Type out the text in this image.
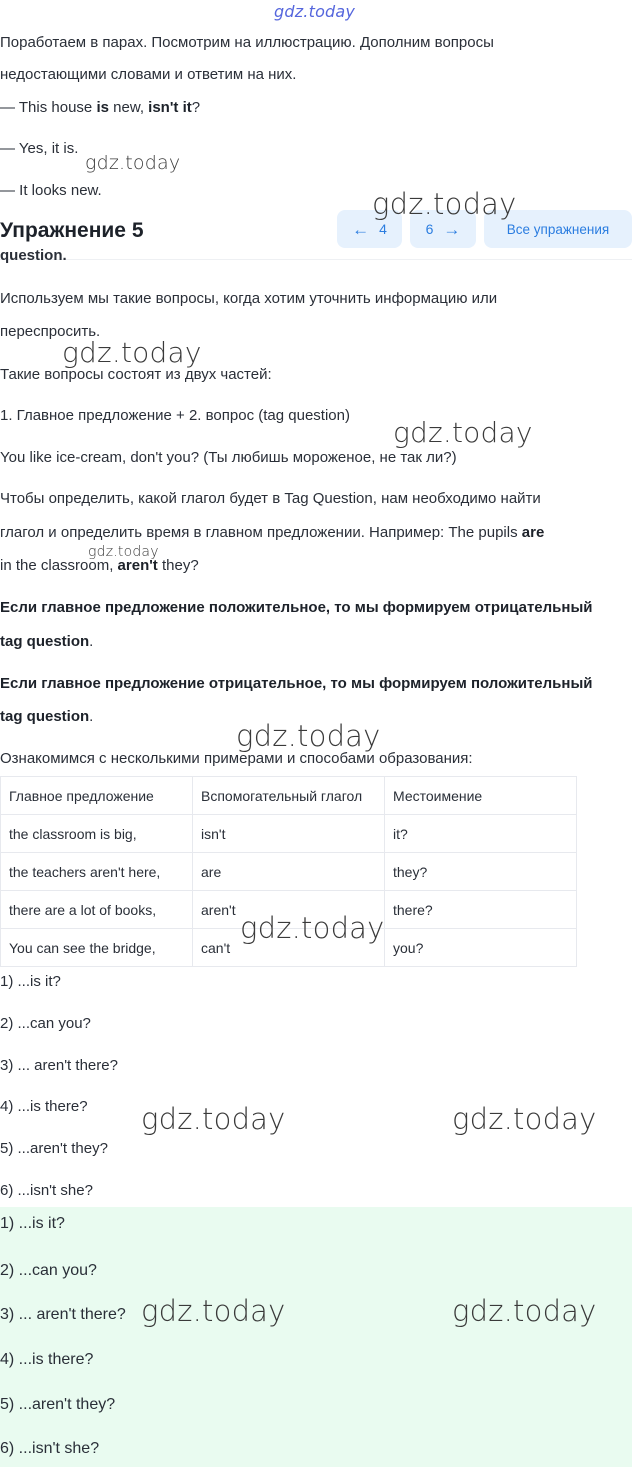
gdz.today
Поработаем в парах. Посмотрим на иллюстрацию. Дополним вопросы
недостающими словами и ответим на них.
— This house is new, isn't it?
— Yes, it is.
— It looks new.
gdz.today
Упражнение 5	← 4	6 →	Все упражнения
gdz.today
question.
Используем мы такие вопросы, когда хотим уточнить информацию или
переспросить.
gdz.today
Такие вопросы состоят из двух частей:
1. Главное предложение + 2. вопрос (tag question)
gdz.today
You like ice-cream, don't you? (Ты любишь мороженое, не так ли?)
Чтобы определить, какой глагол будет в Tag Question, нам необходимо найти
глагол и определить время в главном предложении. Например: The pupils are
in the classroom, aren't they?
gdz.today
Если главное предложение положительное, то мы формируем отрицательный
tag question.
Если главное предложение отрицательное, то мы формируем положительный
tag question.
gdz.today
Ознакомимся с несколькими примерами и способами образования:
Главное предложение	Вспомогательный глагол	Местоимение
the classroom is big,	isn't	it?
the teachers aren't here,	are	they?
there are a lot of books,	aren't	there?
You can see the bridge,	can't	you?
gdz.today
1) ...is it?
2) ...can you?
3) ... aren't there?
4) ...is there?
5) ...aren't they?
6) ...isn't she?
gdz.today	gdz.today
1) ...is it?
2) ...can you?
3) ... aren't there?
4) ...is there?
5) ...aren't they?
6) ...isn't she?
gdz.today	gdz.today
